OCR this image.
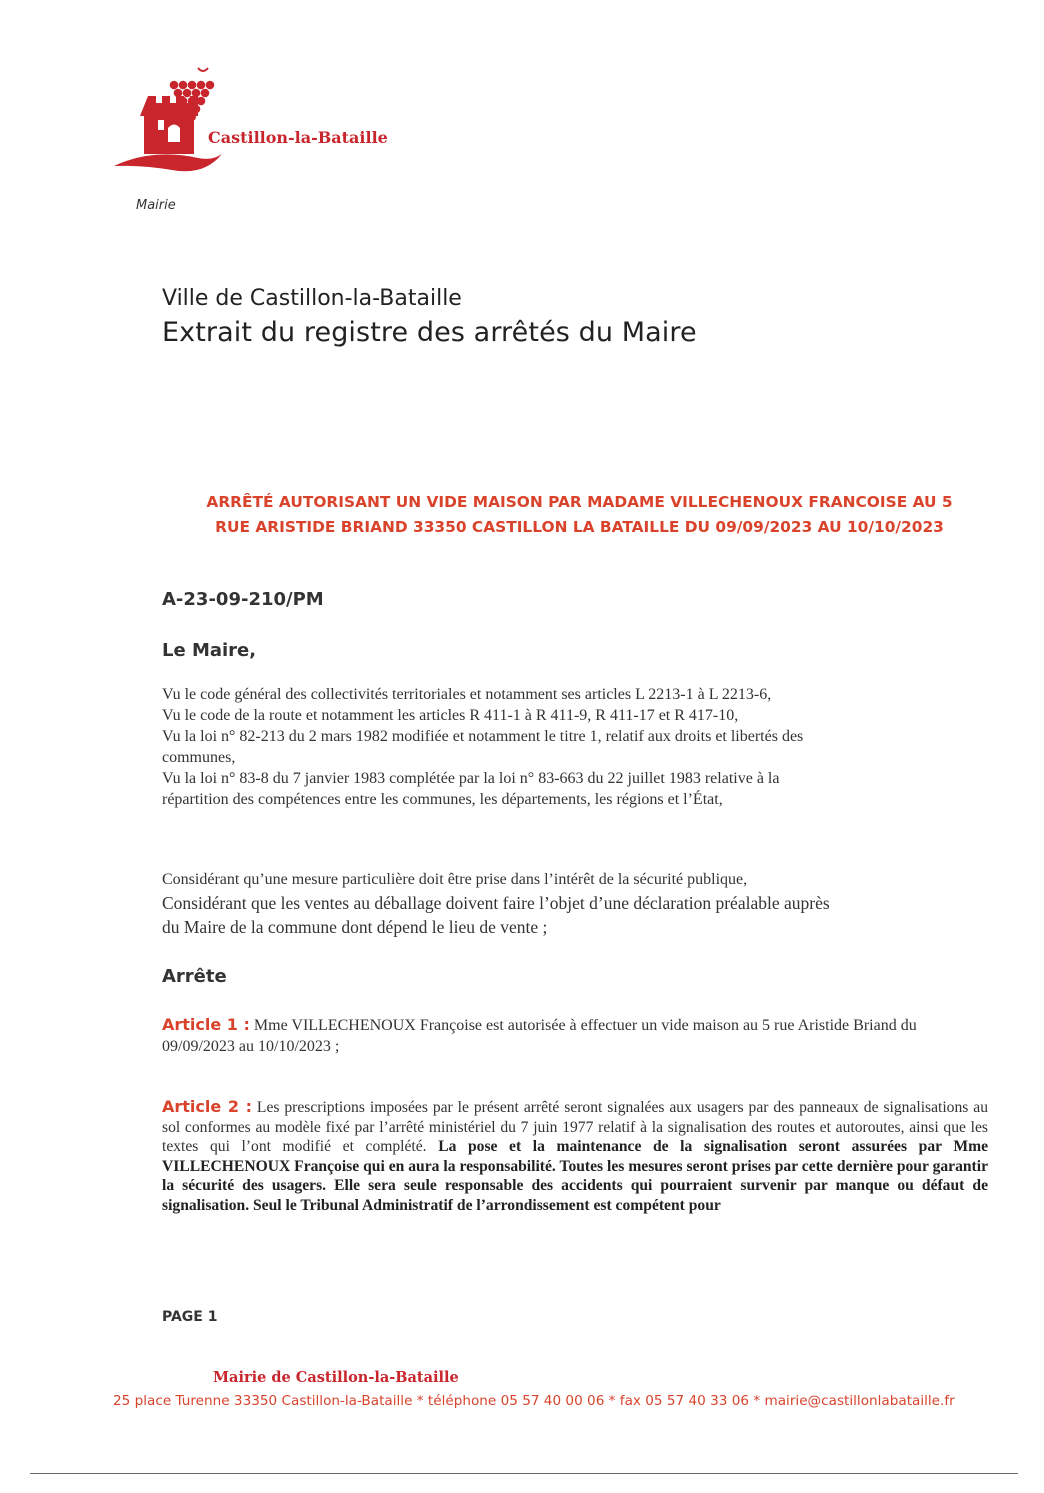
Castillon-la-Bataille
Mairie
Ville de Castillon-la-Bataille
Extrait du registre des arrêtés du Maire
ARRÊTÉ AUTORISANT UN VIDE MAISON PAR MADAME VILLECHENOUX FRANCOISE AU 5
RUE ARISTIDE BRIAND 33350 CASTILLON LA BATAILLE DU 09/09/2023 AU 10/10/2023
A-23-09-210/PM
Le Maire,
Vu le code général des collectivités territoriales et notamment ses articles L 2213-1 à L 2213-6,
Vu le code de la route et notamment les articles R 411-1 à R 411-9, R 411-17 et R 417-10,
Vu la loi n° 82-213 du 2 mars 1982 modifiée et notamment le titre 1, relatif aux droits et libertés des
communes,
Vu la loi n° 83-8 du 7 janvier 1983 complétée par la loi n° 83-663 du 22 juillet 1983 relative à la
répartition des compétences entre les communes, les départements, les régions et l’État,
Considérant qu’une mesure particulière doit être prise dans l’intérêt de la sécurité publique,
Considérant que les ventes au déballage doivent faire l’objet d’une déclaration préalable auprès
du Maire de la commune dont dépend le lieu de vente ;
Arrête
Article 1 : Mme VILLECHENOUX Françoise est autorisée à effectuer un vide maison au 5 rue Aristide Briand du 09/09/2023 au 10/10/2023 ;
Article 2 : Les prescriptions imposées par le présent arrêté seront signalées aux usagers par des panneaux de signalisations au sol conformes au modèle fixé par l’arrêté ministériel du 7 juin 1977 relatif à la signalisation des routes et autoroutes, ainsi que les textes qui l’ont modifié et complété. La pose et la maintenance de la signalisation seront assurées par Mme VILLECHENOUX Françoise qui en aura la responsabilité. Toutes les mesures seront prises par cette dernière pour garantir la sécurité des usagers. Elle sera seule responsable des accidents qui pourraient survenir par manque ou défaut de signalisation. Seul le Tribunal Administratif de l’arrondissement est compétent pour
PAGE 1
Mairie de Castillon-la-Bataille
25 place Turenne 33350 Castillon-la-Bataille * téléphone 05 57 40 00 06 * fax 05 57 40 33 06 * mairie@castillonlabataille.fr
